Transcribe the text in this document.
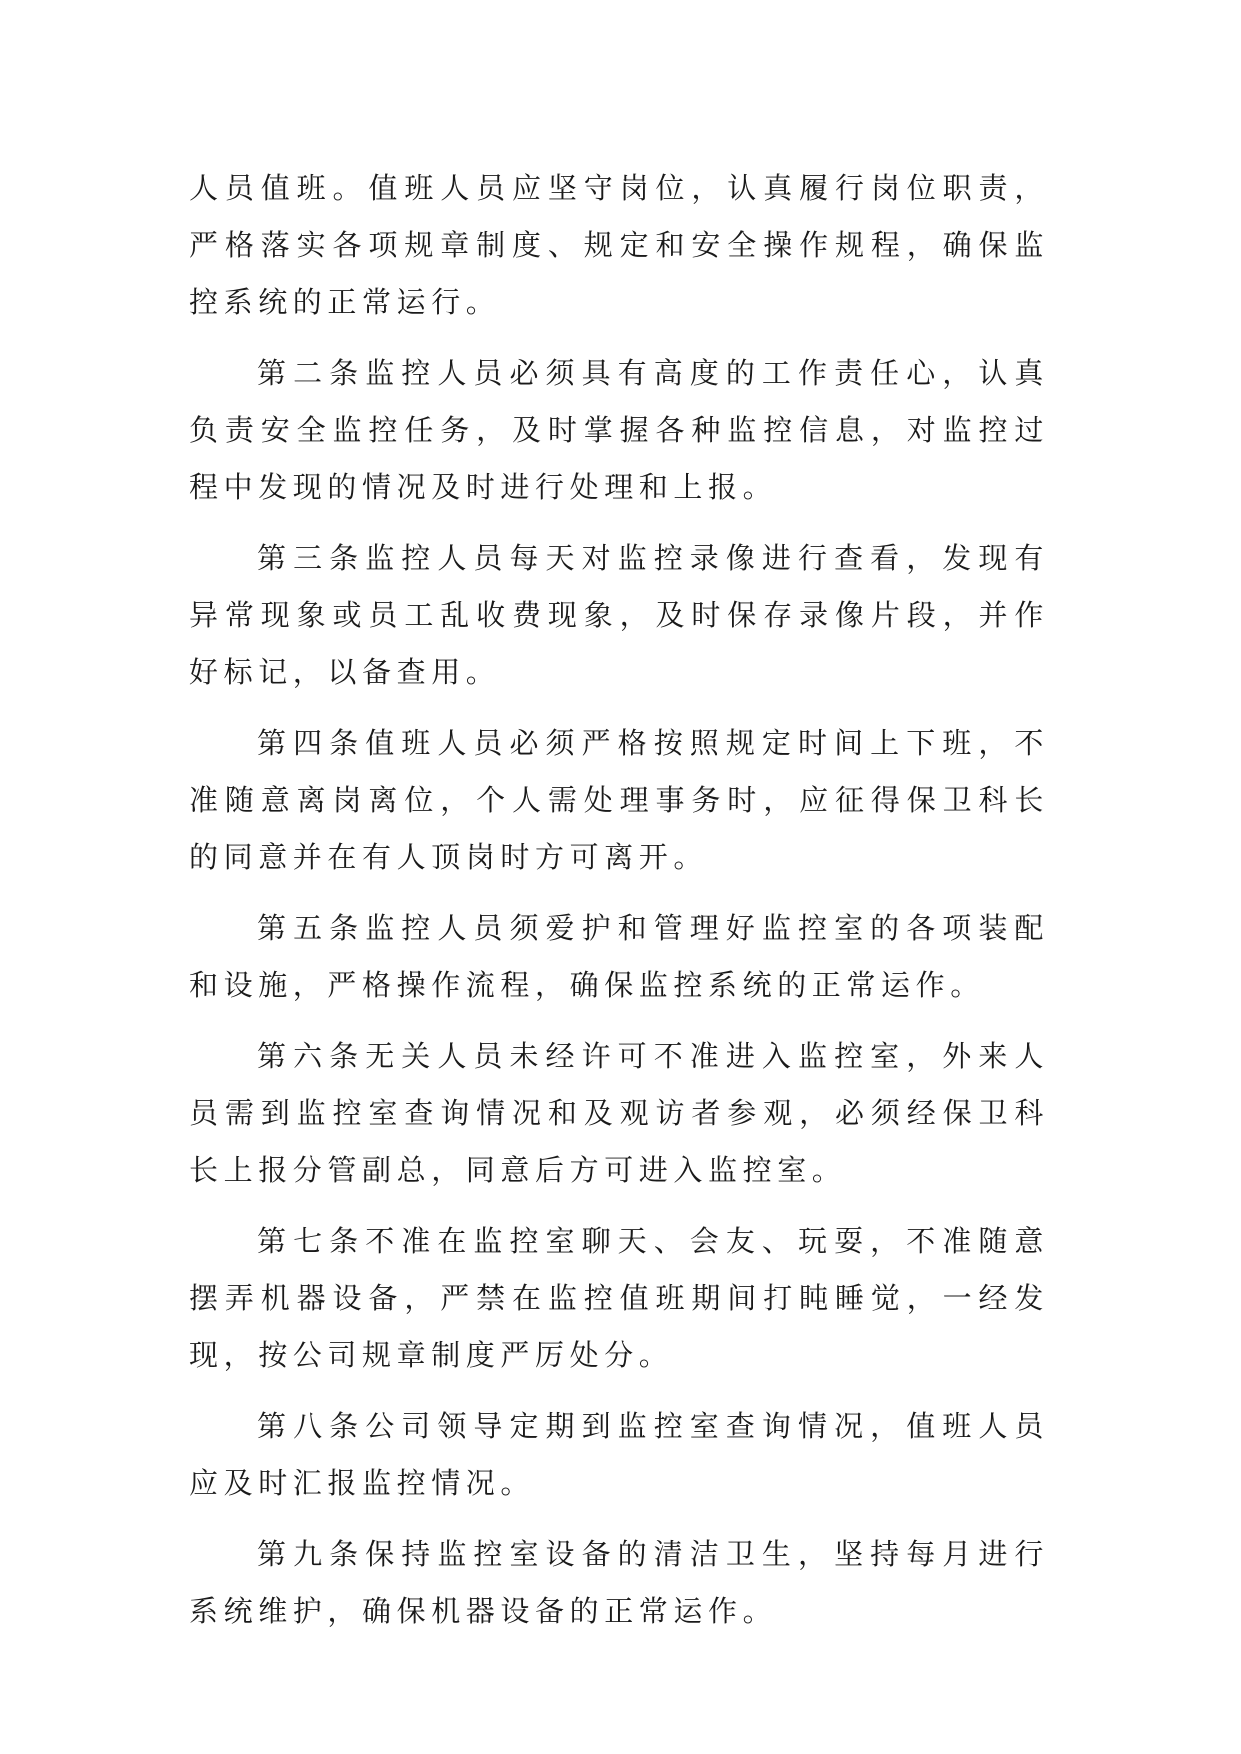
人员值班。值班人员应坚守岗位，认真履行岗位职责，严格落实各项规章制度、规定和安全操作规程，确保监控系统的正常运行。

第二条监控人员必须具有高度的工作责任心，认真负责安全监控任务，及时掌握各种监控信息，对监控过程中发现的情况及时进行处理和上报。

第三条监控人员每天对监控录像进行查看，发现有异常现象或员工乱收费现象，及时保存录像片段，并作好标记，以备查用。

第四条值班人员必须严格按照规定时间上下班，不准随意离岗离位，个人需处理事务时，应征得保卫科长的同意并在有人顶岗时方可离开。

第五条监控人员须爱护和管理好监控室的各项装配和设施，严格操作流程，确保监控系统的正常运作。

第六条无关人员未经许可不准进入监控室，外来人员需到监控室查询情况和及观访者参观，必须经保卫科长上报分管副总，同意后方可进入监控室。

第七条不准在监控室聊天、会友、玩耍，不准随意摆弄机器设备，严禁在监控值班期间打盹睡觉，一经发现，按公司规章制度严厉处分。

第八条公司领导定期到监控室查询情况，值班人员应及时汇报监控情况。

第九条保持监控室设备的清洁卫生，坚持每月进行系统维护，确保机器设备的正常运作。
